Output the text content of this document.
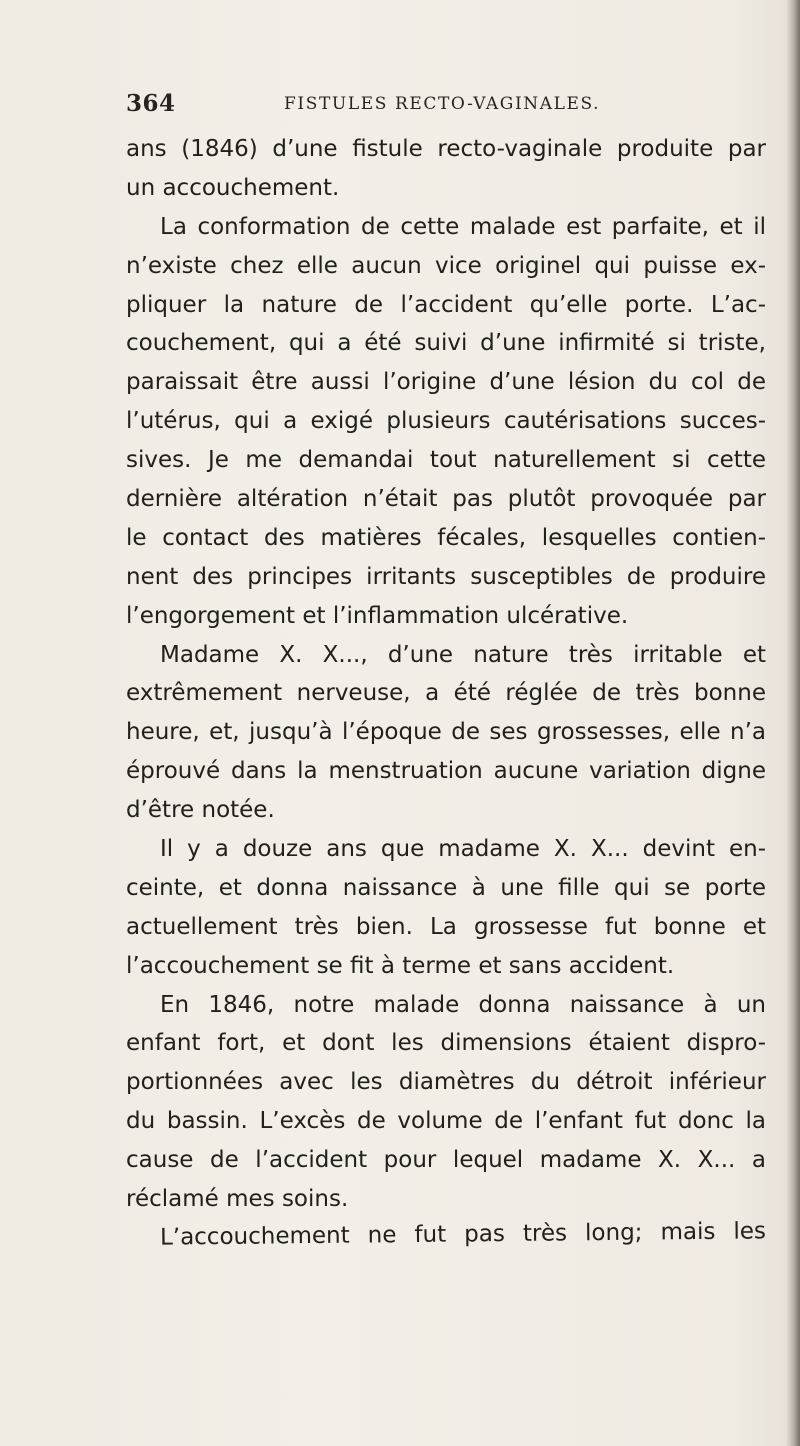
364	FISTULES RECTO-VAGINALES.
ans (1846) d’une fistule recto-vaginale produite par
un accouchement.
La conformation de cette malade est parfaite, et il
n’existe chez elle aucun vice originel qui puisse ex-
pliquer la nature de l’accident qu’elle porte. L’ac-
couchement, qui a été suivi d’une infirmité si triste,
paraissait être aussi l’origine d’une lésion du col de
l’utérus, qui a exigé plusieurs cautérisations succes-
sives. Je me demandai tout naturellement si cette
dernière altération n’était pas plutôt provoquée par
le contact des matières fécales, lesquelles contien-
nent des principes irritants susceptibles de produire
l’engorgement et l’inflammation ulcérative.
Madame X. X..., d’une nature très irritable et
extrêmement nerveuse, a été réglée de très bonne
heure, et, jusqu’à l’époque de ses grossesses, elle n’a
éprouvé dans la menstruation aucune variation digne
d’être notée.
Il y a douze ans que madame X. X... devint en-
ceinte, et donna naissance à une fille qui se porte
actuellement très bien. La grossesse fut bonne et
l’accouchement se fit à terme et sans accident.
En 1846, notre malade donna naissance à un
enfant fort, et dont les dimensions étaient dispro-
portionnées avec les diamètres du détroit inférieur
du bassin. L’excès de volume de l’enfant fut donc la
cause de l’accident pour lequel madame X. X... a
réclamé mes soins.
L’accouchement ne fut pas très long; mais les
